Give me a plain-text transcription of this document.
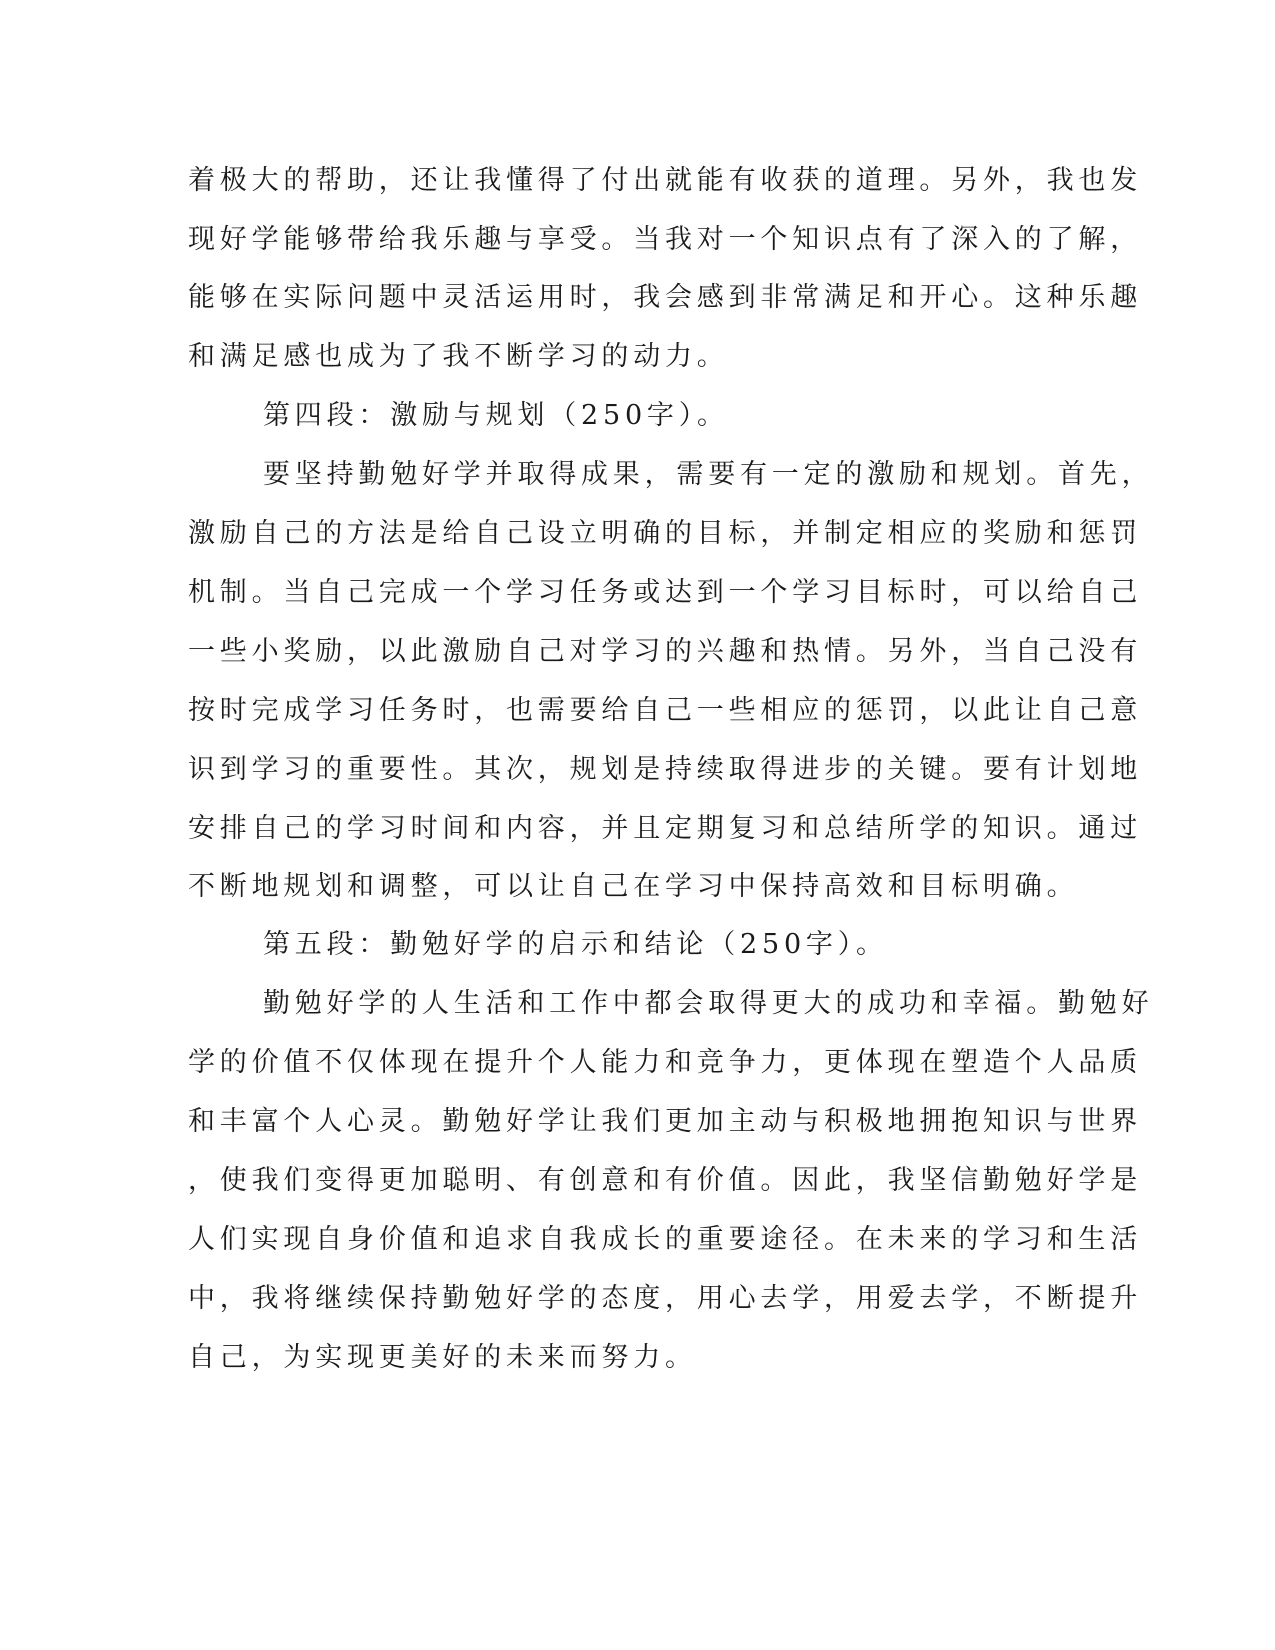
着极大的帮助，还让我懂得了付出就能有收获的道理。另外，我也发
现好学能够带给我乐趣与享受。当我对一个知识点有了深入的了解，
能够在实际问题中灵活运用时，我会感到非常满足和开心。这种乐趣
和满足感也成为了我不断学习的动力。
第四段：激励与规划（250字）。
要坚持勤勉好学并取得成果，需要有一定的激励和规划。首先，
激励自己的方法是给自己设立明确的目标，并制定相应的奖励和惩罚
机制。当自己完成一个学习任务或达到一个学习目标时，可以给自己
一些小奖励，以此激励自己对学习的兴趣和热情。另外，当自己没有
按时完成学习任务时，也需要给自己一些相应的惩罚，以此让自己意
识到学习的重要性。其次，规划是持续取得进步的关键。要有计划地
安排自己的学习时间和内容，并且定期复习和总结所学的知识。通过
不断地规划和调整，可以让自己在学习中保持高效和目标明确。
第五段：勤勉好学的启示和结论（250字）。
勤勉好学的人生活和工作中都会取得更大的成功和幸福。勤勉好
学的价值不仅体现在提升个人能力和竞争力，更体现在塑造个人品质
和丰富个人心灵。勤勉好学让我们更加主动与积极地拥抱知识与世界
，使我们变得更加聪明、有创意和有价值。因此，我坚信勤勉好学是
人们实现自身价值和追求自我成长的重要途径。在未来的学习和生活
中，我将继续保持勤勉好学的态度，用心去学，用爱去学，不断提升
自己，为实现更美好的未来而努力。
